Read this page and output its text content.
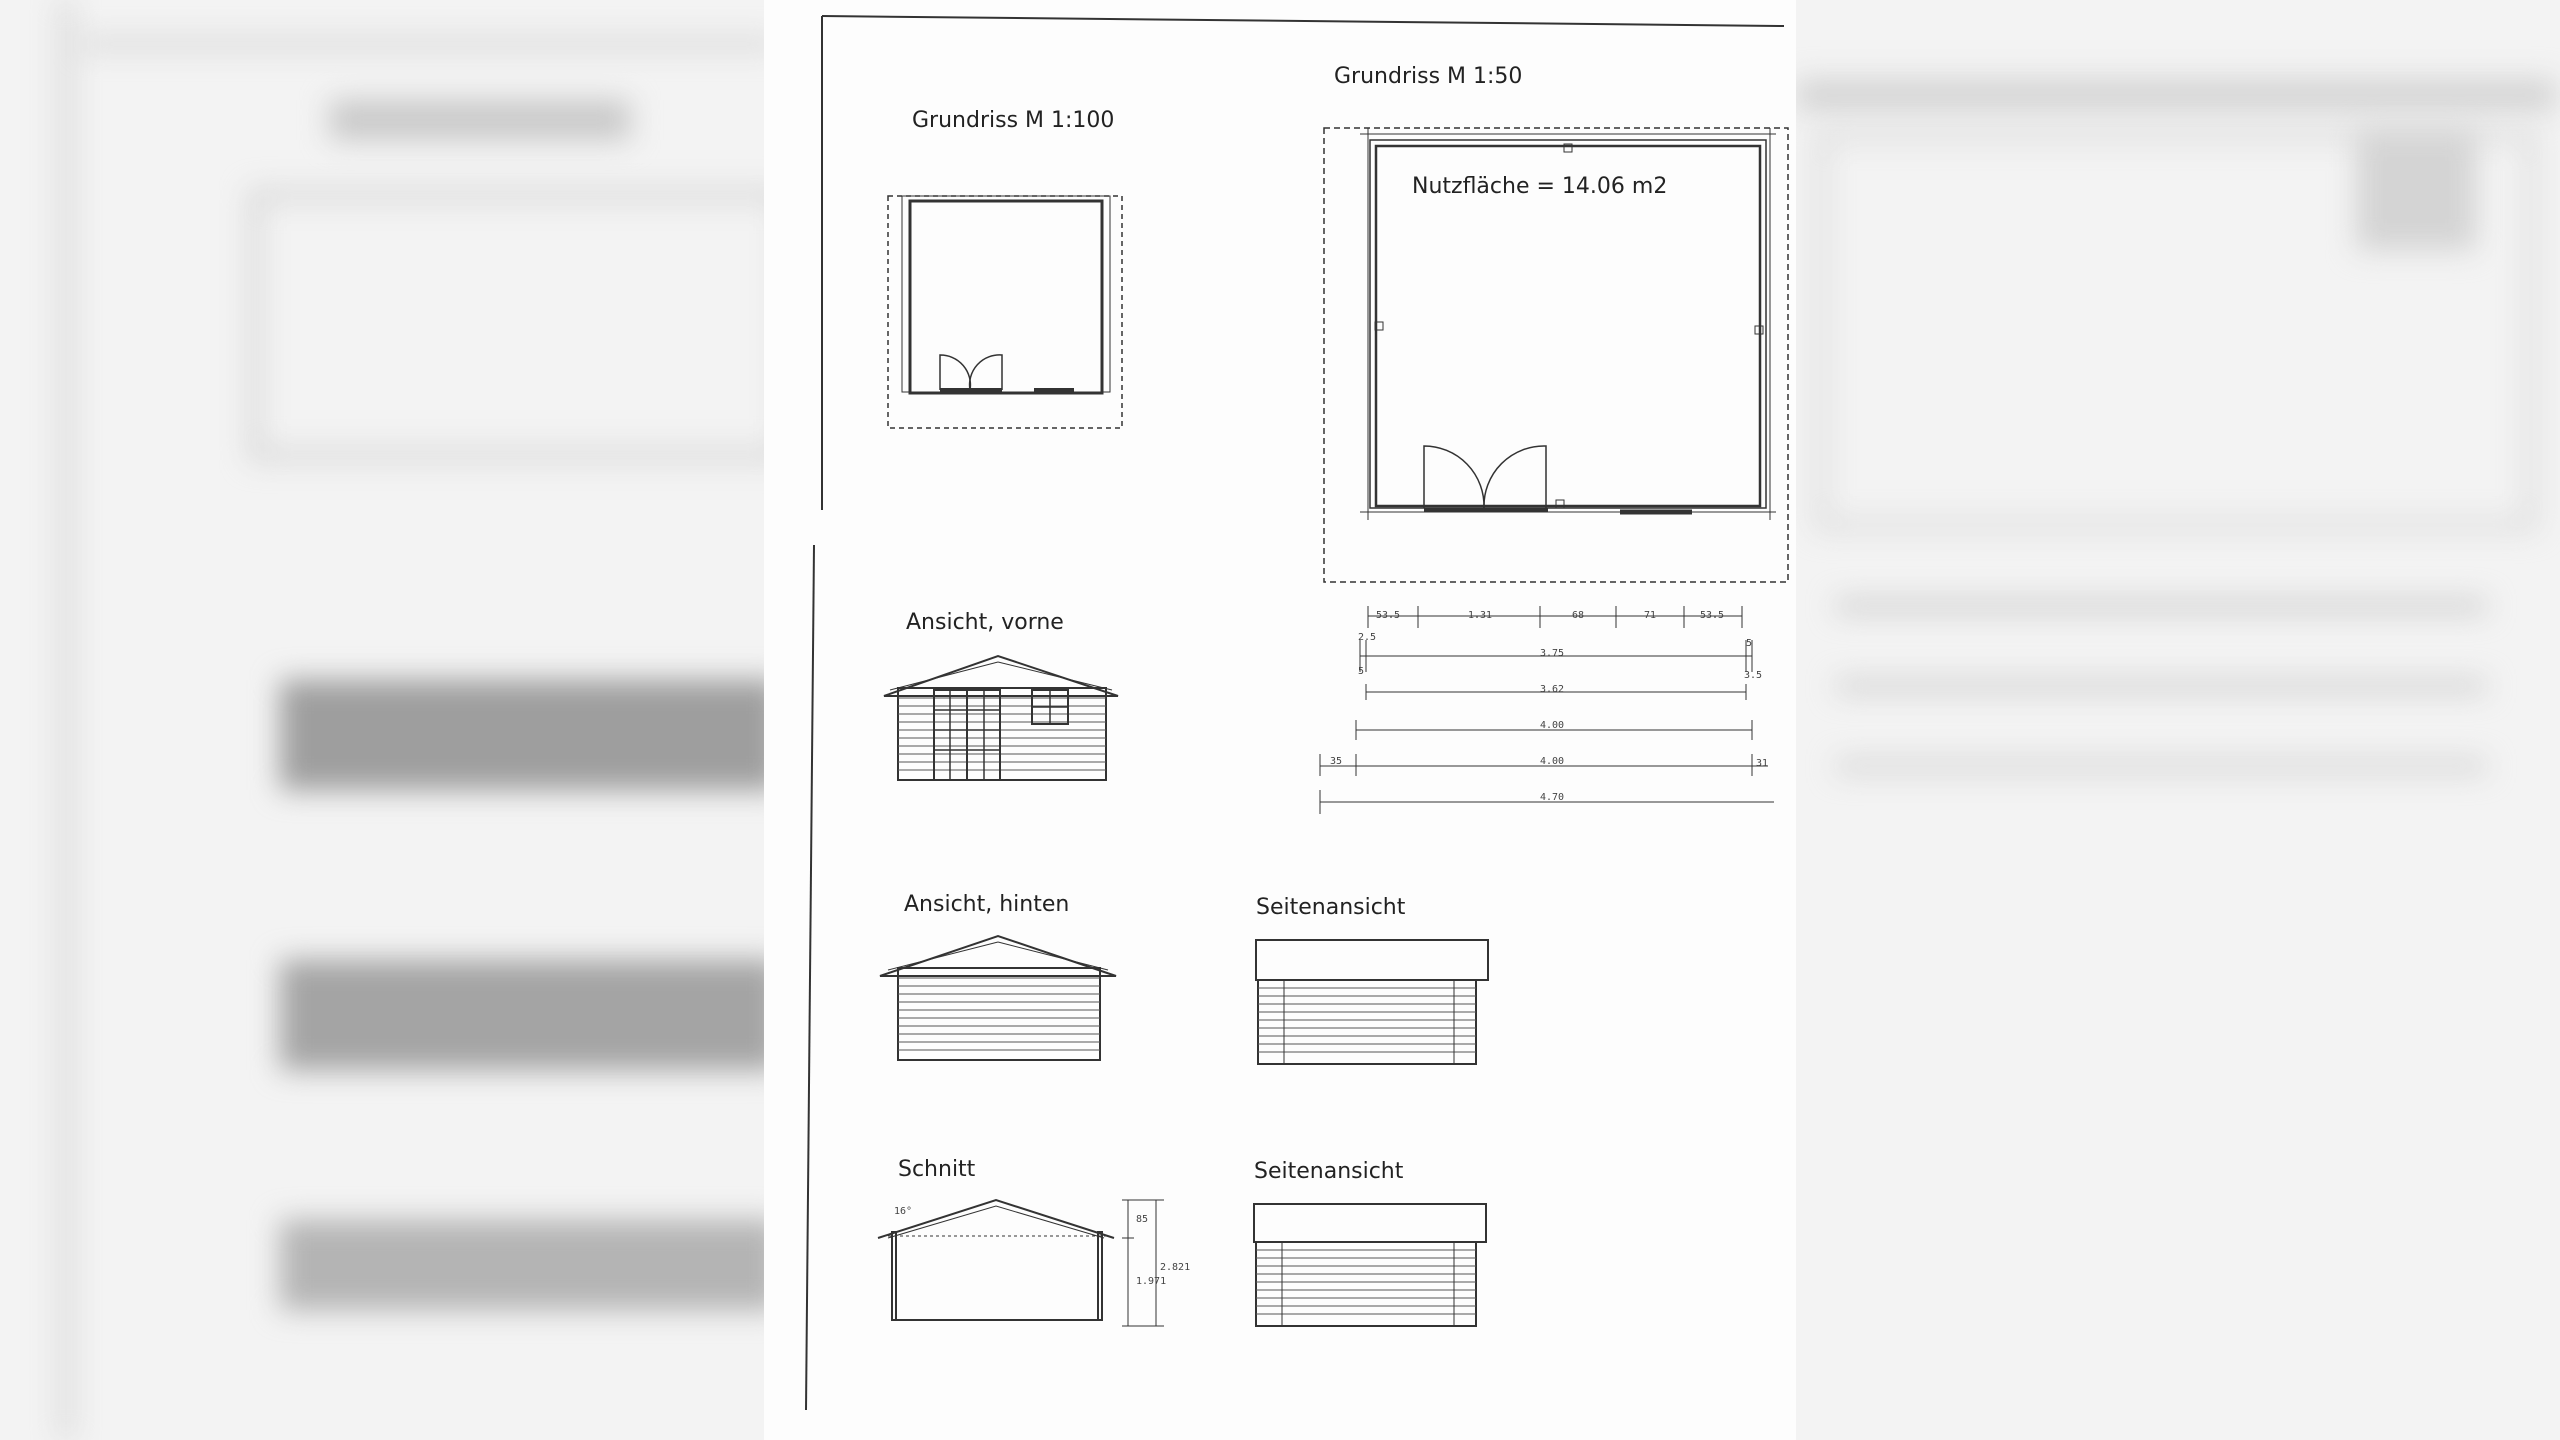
Grundriss M 1:100
Grundriss M 1:50
Nutzfläche = 14.06 m2
53.5	1.31	68	71	53.5
2.5
5
3.75
5
3.5
3.62
4.00
35	4.00	31
4.70
Ansicht, vorne
Ansicht, hinten	Seitenansicht
Schnitt
16°
85
1.971
2.821
Seitenansicht
